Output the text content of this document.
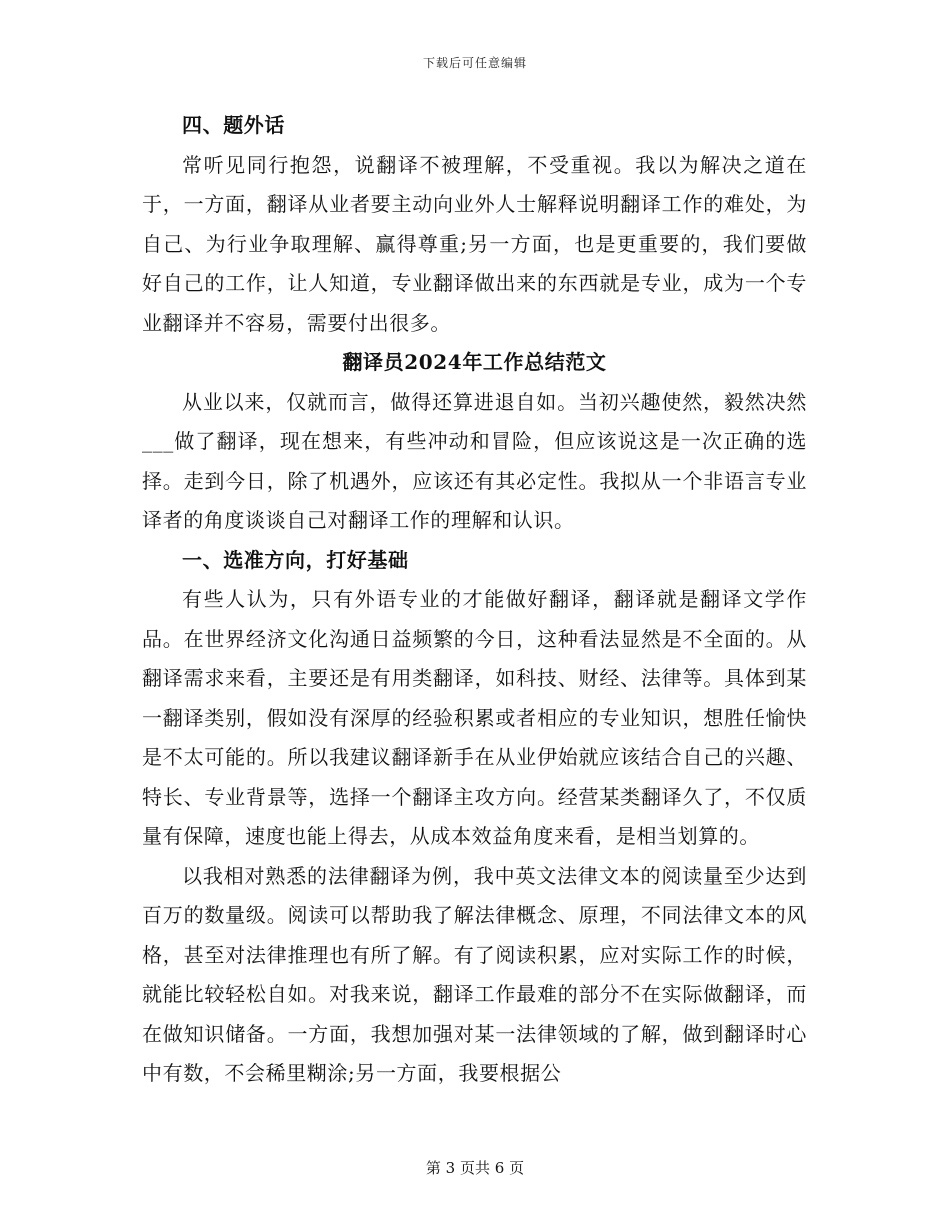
下载后可任意编辑

四、题外话

常听见同行抱怨，说翻译不被理解，不受重视。我以为解决之道在于，一方面，翻译从业者要主动向业外人士解释说明翻译工作的难处，为自己、为行业争取理解、赢得尊重;另一方面，也是更重要的，我们要做好自己的工作，让人知道，专业翻译做出来的东西就是专业，成为一个专业翻译并不容易，需要付出很多。

翻译员2024年工作总结范文

从业以来，仅就而言，做得还算进退自如。当初兴趣使然，毅然决然___做了翻译，现在想来，有些冲动和冒险，但应该说这是一次正确的选择。走到今日，除了机遇外，应该还有其必定性。我拟从一个非语言专业译者的角度谈谈自己对翻译工作的理解和认识。

一、选准方向，打好基础

有些人认为，只有外语专业的才能做好翻译，翻译就是翻译文学作品。在世界经济文化沟通日益频繁的今日，这种看法显然是不全面的。从翻译需求来看，主要还是有用类翻译，如科技、财经、法律等。具体到某一翻译类别，假如没有深厚的经验积累或者相应的专业知识，想胜任愉快是不太可能的。所以我建议翻译新手在从业伊始就应该结合自己的兴趣、特长、专业背景等，选择一个翻译主攻方向。经营某类翻译久了，不仅质量有保障，速度也能上得去，从成本效益角度来看，是相当划算的。

以我相对熟悉的法律翻译为例，我中英文法律文本的阅读量至少达到百万的数量级。阅读可以帮助我了解法律概念、原理，不同法律文本的风格，甚至对法律推理也有所了解。有了阅读积累，应对实际工作的时候，就能比较轻松自如。对我来说，翻译工作最难的部分不在实际做翻译，而在做知识储备。一方面，我想加强对某一法律领域的了解，做到翻译时心中有数，不会稀里糊涂;另一方面，我要根据公

第 3 页共 6 页
